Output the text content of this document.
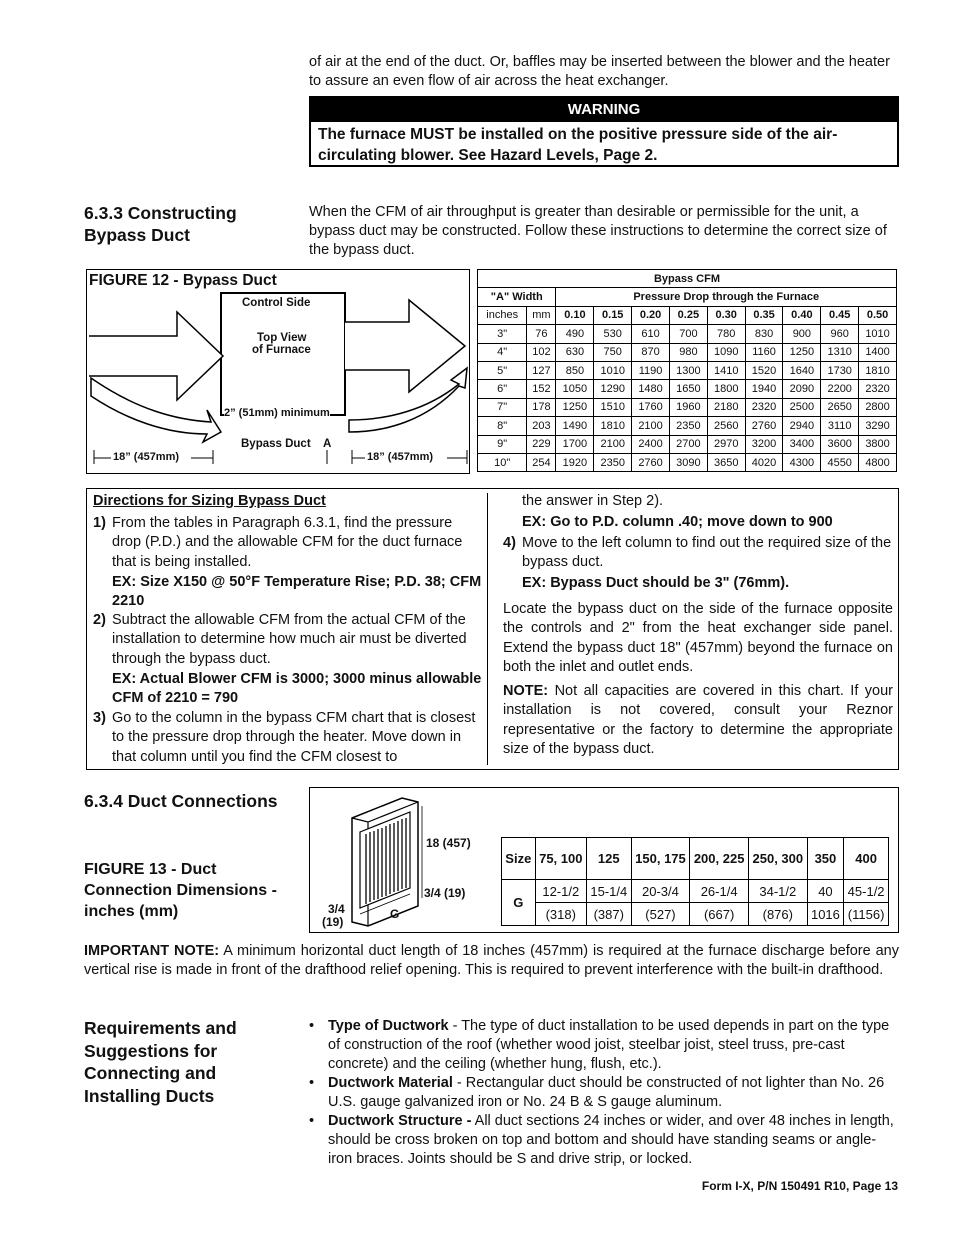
of air at the end of the duct. Or, baffles may be inserted between the blower and the heater to assure an even flow of air across the heat exchanger.
WARNING
The furnace MUST be installed on the positive pressure side of the air-circulating blower. See Hazard Levels, Page 2.
6.3.3 Constructing Bypass Duct
When the CFM of air throughput is greater than desirable or permissible for the unit, a bypass duct may be constructed. Follow these instructions to determine the correct size of the bypass duct.
FIGURE 12 - Bypass Duct
Control Side
Top View
of Furnace
2” (51mm) minimum
Bypass Duct A
18” (457mm)	18” (457mm)
Bypass CFM										
"A" Width		Pressure Drop through the Furnace								
inches	mm	0.10	0.15	0.20	0.25	0.30	0.35	0.40	0.45	0.50
3"	76	490	530	610	700	780	830	900	960	1010
4"	102	630	750	870	980	1090	1160	1250	1310	1400
5"	127	850	1010	1190	1300	1410	1520	1640	1730	1810
6"	152	1050	1290	1480	1650	1800	1940	2090	2200	2320
7"	178	1250	1510	1760	1960	2180	2320	2500	2650	2800
8"	203	1490	1810	2100	2350	2560	2760	2940	3110	3290
9"	229	1700	2100	2400	2700	2970	3200	3400	3600	3800
10"	254	1920	2350	2760	3090	3650	4020	4300	4550	4800
Directions for Sizing Bypass Duct
1) From the tables in Paragraph 6.3.1, find the pressure drop (P.D.) and the allowable CFM for the duct furnace that is being installed.
EX: Size X150 @ 50°F Temperature Rise; P.D. 38; CFM 2210
2) Subtract the allowable CFM from the actual CFM of the installation to determine how much air must be diverted through the bypass duct.
EX: Actual Blower CFM is 3000; 3000 minus allowable CFM of 2210 = 790
3) Go to the column in the bypass CFM chart that is closest to the pressure drop through the heater. Move down in that column until you find the CFM closest to
the answer in Step 2).
EX: Go to P.D. column .40; move down to 900
4) Move to the left column to find out the required size of the bypass duct.
EX: Bypass Duct should be 3" (76mm).
Locate the bypass duct on the side of the furnace opposite the controls and 2" from the heat exchanger side panel. Extend the bypass duct 18" (457mm) beyond the furnace on both the inlet and outlet ends.
NOTE: Not all capacities are covered in this chart. If your installation is not covered, consult your Reznor representative or the factory to determine the appropriate size of the bypass duct.
6.3.4 Duct Connections
FIGURE 13 - Duct Connection Dimensions - inches (mm)
18 (457)
3/4 (19)
3/4
(19)
G
Size	75, 100	125	150, 175	200, 225	250, 300	350	400
G	12-1/2	15-1/4	20-3/4	26-1/4	34-1/2	40	45-1/2
	(318)	(387)	(527)	(667)	(876)	1016	(1156)
IMPORTANT NOTE: A minimum horizontal duct length of 18 inches (457mm) is required at the furnace discharge before any vertical rise is made in front of the drafthood relief opening. This is required to prevent interference with the built-in drafthood.
Requirements and Suggestions for Connecting and Installing Ducts
• Type of Ductwork - The type of duct installation to be used depends in part on the type of construction of the roof (whether wood joist, steelbar joist, steel truss, pre-cast concrete) and the ceiling (whether hung, flush, etc.).
• Ductwork Material - Rectangular duct should be constructed of not lighter than No. 26 U.S. gauge galvanized iron or No. 24 B & S gauge aluminum.
• Ductwork Structure - All duct sections 24 inches or wider, and over 48 inches in length, should be cross broken on top and bottom and should have standing seams or angle-iron braces. Joints should be S and drive strip, or locked.
Form I-X, P/N 150491 R10, Page 13
